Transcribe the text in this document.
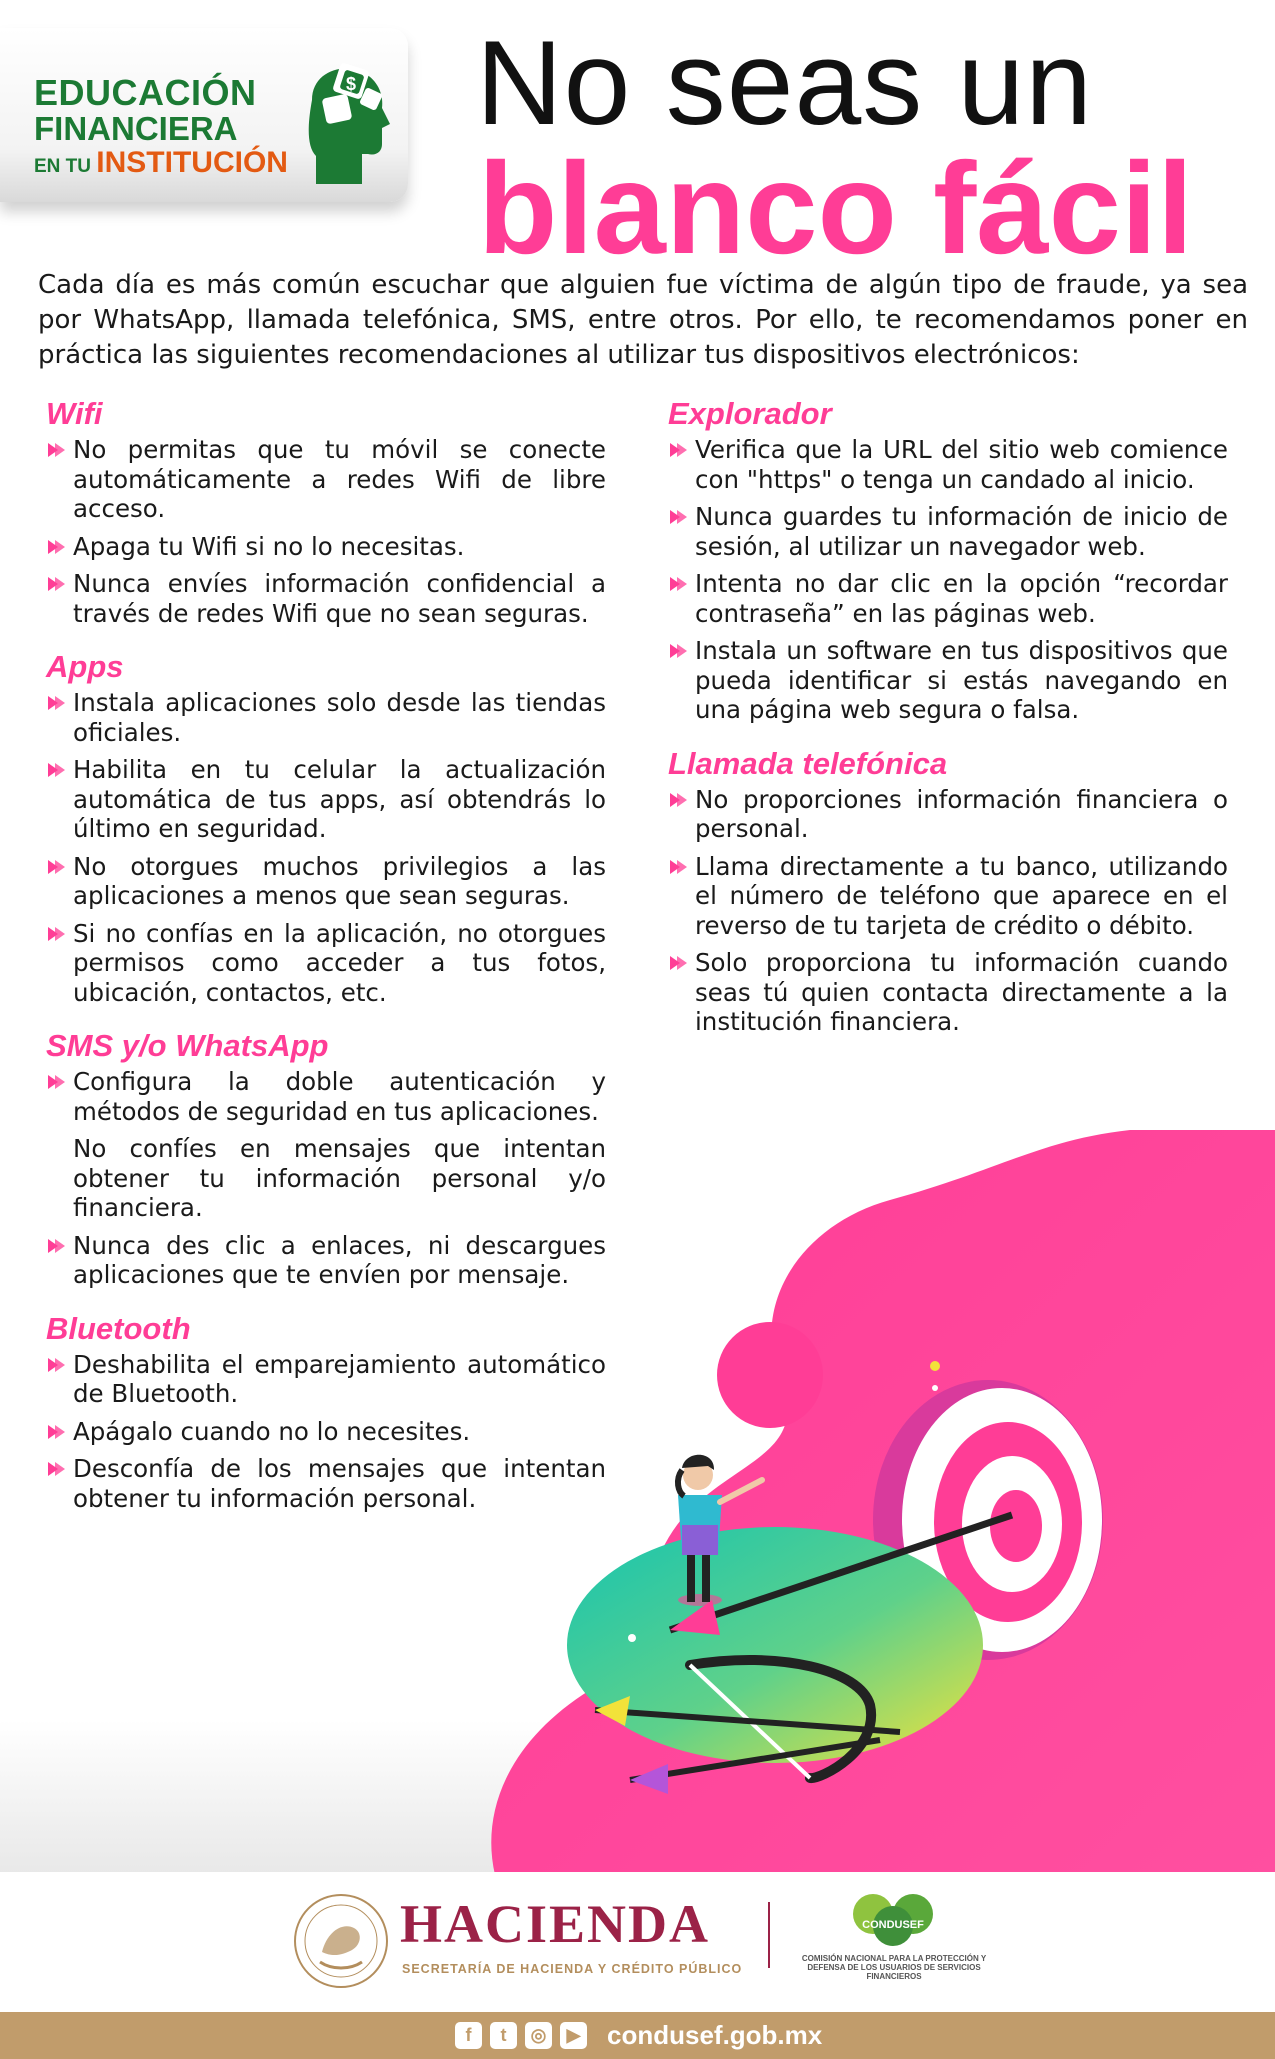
EDUCACIÓN
FINANCIERA
EN TU INSTITUCIÓN
$ No seas un
blanco fácil

Cada día es más común escuchar que alguien fue víctima de algún tipo de fraude, ya sea por WhatsApp, llamada telefónica, SMS, entre otros. Por ello, te recomendamos poner en práctica las siguientes recomendaciones al utilizar tus dispositivos electrónicos:

Wifi
No permitas que tu móvil se conecte automáticamente a redes Wifi de libre acceso.
Apaga tu Wifi si no lo necesitas.
Nunca envíes información confidencial a través de redes Wifi que no sean seguras.
Apps
Instala aplicaciones solo desde las tiendas oficiales.
Habilita en tu celular la actualización automática de tus apps, así obtendrás lo último en seguridad.
No otorgues muchos privilegios a las aplicaciones a menos que sean seguras.
Si no confías en la aplicación, no otorgues permisos como acceder a tus fotos, ubicación, contactos, etc.
SMS y/o WhatsApp
Configura la doble autenticación y métodos de seguridad en tus aplicaciones.
No confíes en mensajes que intentan obtener tu información personal y/o financiera.
Nunca des clic a enlaces, ni descargues aplicaciones que te envíen por mensaje.
Bluetooth
Deshabilita el emparejamiento automático de Bluetooth.
Apágalo cuando no lo necesites.
Desconfía de los mensajes que intentan obtener tu información personal.
Explorador
Verifica que la URL del sitio web comience con "https" o tenga un candado al inicio.
Nunca guardes tu información de inicio de sesión, al utilizar un navegador web.
Intenta no dar clic en la opción “recordar contraseña” en las páginas web.
Instala un software en tus dispositivos que pueda identificar si estás navegando en una página web segura o falsa.
Llamada telefónica
No proporciones información financiera o personal.
Llama directamente a tu banco, utilizando el número de teléfono que aparece en el reverso de tu tarjeta de crédito o débito.
Solo proporciona tu información cuando seas tú quien contacta directamente a la institución financiera.
HACIENDA
SECRETARÍA DE HACIENDA Y CRÉDITO PÚBLICO
CONDUSEF
COMISIÓN NACIONAL PARA LA PROTECCIÓN Y DEFENSA DE LOS USUARIOS DE SERVICIOS FINANCIEROS
f	t	◎	▶ condusef.gob.mx
